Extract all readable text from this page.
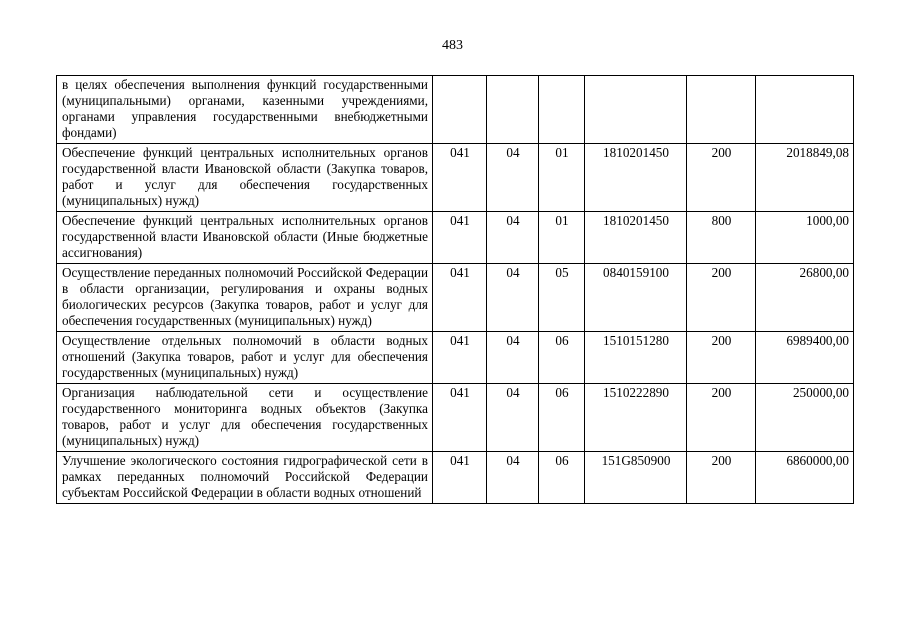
483
в целях обеспечения выполнения функций государственными (муниципальными) органами, казенными учреждениями, органами управления государственными внебюджетными фондами)						
Обеспечение функций центральных исполнительных органов государственной власти Ивановской области (Закупка товаров, работ и услуг для обеспечения государственных (муниципальных) нужд)	041	04	01	1810201450	200	2018849,08
Обеспечение функций центральных исполнительных органов государственной власти Ивановской области (Иные бюджетные ассигнования)	041	04	01	1810201450	800	1000,00
Осуществление переданных полномочий Российской Федерации в области организации, регулирования и охраны водных биологических ресурсов (Закупка товаров, работ и услуг для обеспечения государственных (муниципальных) нужд)	041	04	05	0840159100	200	26800,00
Осуществление отдельных полномочий в области водных отношений (Закупка товаров, работ и услуг для обеспечения государственных (муниципальных) нужд)	041	04	06	1510151280	200	6989400,00
Организация наблюдательной сети и осуществление государственного мониторинга водных объектов (Закупка товаров, работ и услуг для обеспечения государственных (муниципальных) нужд)	041	04	06	1510222890	200	250000,00
Улучшение экологического состояния гидрографической сети в рамках переданных полномочий Российской Федерации субъектам Российской Федерации в области водных отношений	041	04	06	151G850900	200	6860000,00
